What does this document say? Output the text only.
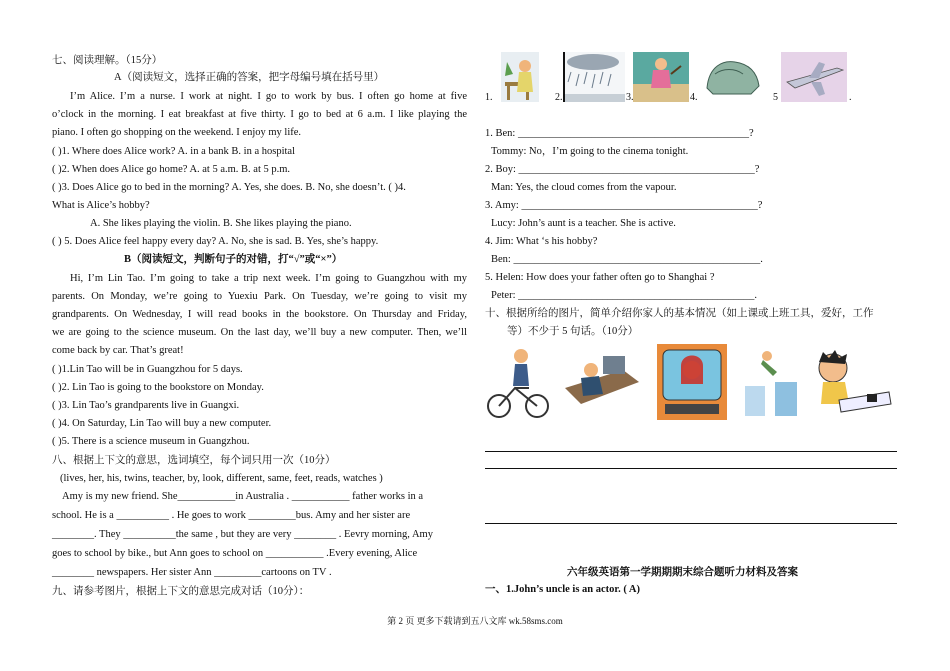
七、阅读理解。（15分）
A（阅读短文，选择正确的答案，把字母编号填在括号里）
I’m Alice. I’m a nurse. I work at night. I go to work by bus. I often go home at five
o’clock in the morning. I eat breakfast at five thirty. I go to bed at 6 a.m. I like playing the
piano. I often go shopping on the weekend. I enjoy my life.
( )1. Where does Alice work? A. in a bank B. in a hospital
( )2. When does Alice go home? A. at 5 a.m. B. at 5 p.m.
( )3. Does Alice go to bed in the morning? A. Yes, she does. B. No, she doesn’t. ( )4.
What is Alice’s hobby?
A. She likes playing the violin. B. She likes playing the piano.
( ) 5. Does Alice feel happy every day? A. No, she is sad. B. Yes, she’s happy.
B（阅读短文，判断句子的对错，打“√”或“×”）
Hi, I’m Lin Tao. I’m going to take a trip next week. I’m going to Guangzhou with my
parents. On Monday, we’re going to Yuexiu Park. On Tuesday, we’re going to visit my
grandparents. On Wednesday, I will read books in the bookstore. On Thursday and Friday,
we are going to the science museum. On the last day, we’ll buy a new computer. Then, we’ll
come back by car. That’s great!
( )1.Lin Tao will be in Guangzhou for 5 days.
( )2. Lin Tao is going to the bookstore on Monday.
( )3. Lin Tao’s grandparents live in Guangxi.
( )4. On Saturday, Lin Tao will buy a new computer.
( )5. There is a science museum in Guangzhou.
八、根据上下文的意思，选词填空，每个词只用一次（10分）
(lives, her, his, twins, teacher, by, look, different, same, feet, reads, watches )
Amy is my new friend. She___________in Australia . ___________ father works in a
school. He is a __________ . He goes to work _________bus. Amy and her sister are
________. They __________the same , but they are very ________ . Eevry morning, Amy
goes to school by bike., but Ann goes to school on ___________ .Every evening, Alice
________ newspapers. Her sister Ann _________cartoons on TV .
九、请参考图片，根据上下文的意思完成对话（10分）：
1.	2.	3.	4.	5	.
1. Ben: ____________________________________________?
Tommy: No，I’m going to the cinema tonight.
2. Boy: _____________________________________________?
Man: Yes, the cloud comes from the vapour.
3. Amy: _____________________________________________?
Lucy: John’s aunt is a teacher. She is active.
4. Jim: What ‘s his hobby?
Ben: _______________________________________________.
5. Helen: How does your father often go to Shanghai ?
Peter: _____________________________________________.
十、根据所给的图片，简单介绍你家人的基本情况（如上课或上班工具，爱好，工作
等）不少于 5 句话。（10分）
六年级英语第一学期期期末综合题听力材料及答案
一、1.John’s uncle is an actor. ( A)
第 2 页 更多下载请到五八文库 wk.58sms.com
